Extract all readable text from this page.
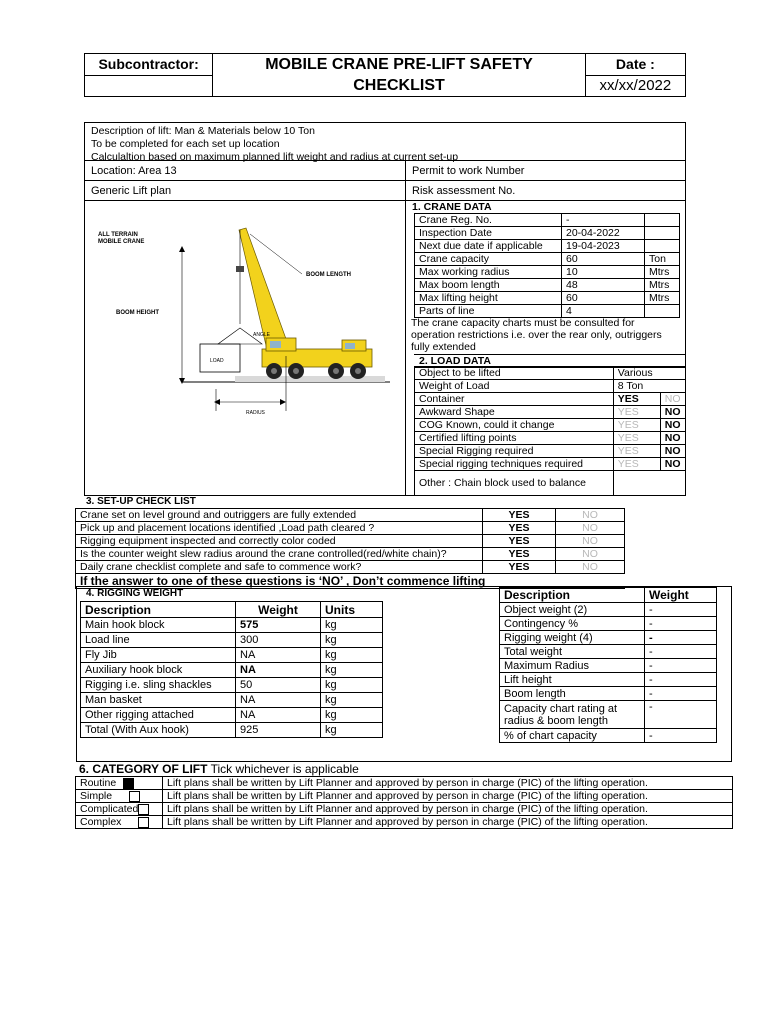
Subcontractor:	MOBILE CRANE PRE-LIFT SAFETY
CHECKLIST	Date :
		xx/xx/2022
Description of lift: Man & Materials below 10 Ton
To be completed for each set up location
Calculaltion based on maximum planned lift weight and radius at current set-up
Location: Area 13	Permit to work Number
Generic Lift plan	Risk assessment No.
ALL TERRAIN
MOBILE CRANE
LOAD
BOOM LENGTH
BOOM HEIGHT
ANGLE
RADIUS
1. CRANE DATA
Crane Reg. No.	-	
Inspection Date	20-04-2022	
Next due date if applicable	19-04-2023	
Crane capacity	60	Ton
Max working radius	10	Mtrs
Max boom length	48	Mtrs
Max lifting height	60	Mtrs
Parts of line	4	
The crane capacity charts must be consulted for operation restrictions i.e. over the rear only, outriggers fully extended
2. LOAD DATA
Object to be lifted	Various	
Weight of Load	8 Ton	
Container	YES	NO
Awkward Shape	YES	NO
COG Known, could it change	YES	NO
Certified lifting points	YES	NO
Special Rigging required	YES	NO
Special rigging techniques required	YES	NO
Other : Chain block used to balance		
3. SET-UP CHECK LIST
Crane set on level ground and outriggers are fully extended	YES	NO
Pick up and placement locations identified ,Load path cleared ?	YES	NO
Rigging equipment inspected and correctly color coded	YES	NO
Is the counter weight slew radius around the crane controlled(red/white chain)?	YES	NO
Daily crane checklist complete and safe to commence work?	YES	NO
If the answer to one of these questions is ‘NO’ , Don’t commence lifting		
4. RIGGING WEIGHT
Description	Weight	Units
Main hook block	575	kg
Load line	300	kg
Fly Jib	NA	kg
Auxiliary hook block	NA	kg
Rigging i.e. sling shackles	50	kg
Man basket	NA	kg
Other rigging attached	NA	kg
Total (With Aux hook)	925	kg
Description	Weight
Object weight (2)	-
Contingency %	-
Rigging weight (4)	-
Total weight	-
Maximum Radius	-
Lift height	-
Boom length	-
Capacity chart rating at radius & boom length	-
% of chart capacity	-
6. CATEGORY OF LIFT Tick whichever is applicable
Routine	Lift plans shall be written by Lift Planner and approved by person in charge (PIC) of the lifting operation.
Simple	Lift plans shall be written by Lift Planner and approved by person in charge (PIC) of the lifting operation.
Complicated	Lift plans shall be written by Lift Planner and approved by person in charge (PIC) of the lifting operation.
Complex	Lift plans shall be written by Lift Planner and approved by person in charge (PIC) of the lifting operation.
